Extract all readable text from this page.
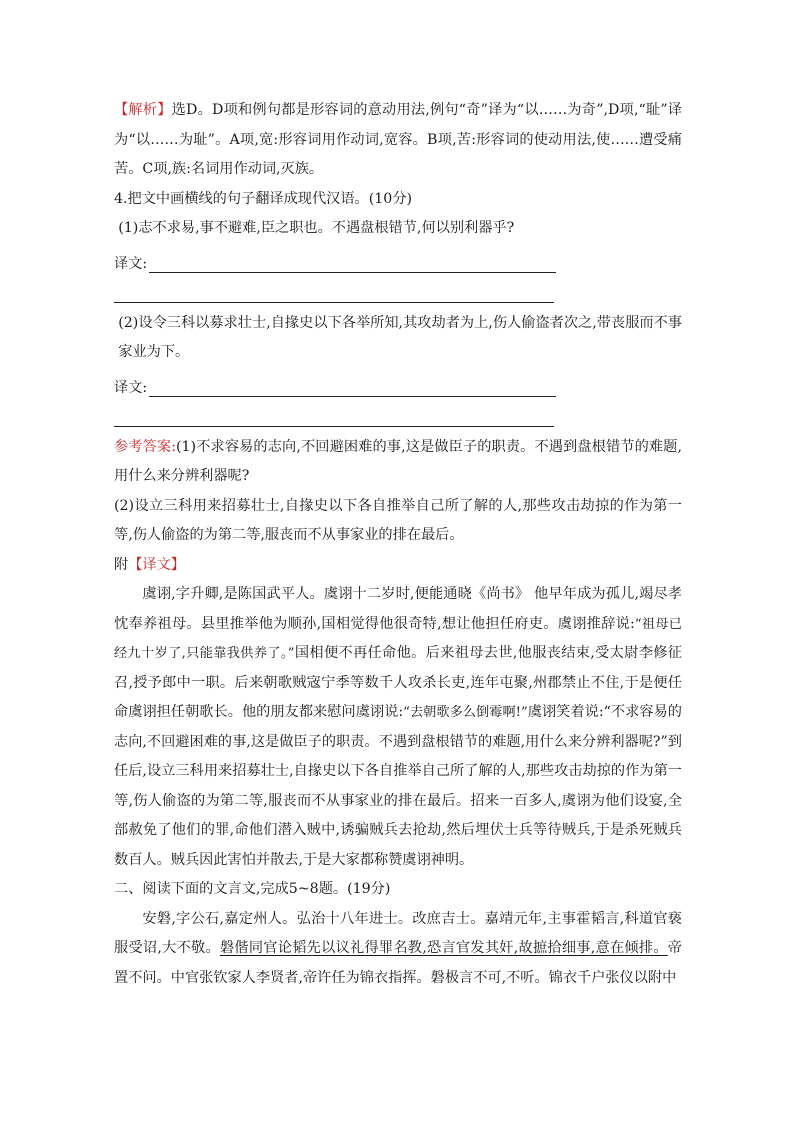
【解析】选D。D项和例句都是形容词的意动用法,例句“奇”译为“以……为奇”,D项,“耻”译为“以……为耻”。A项,宽:形容词用作动词,宽容。B项,苦:形容词的使动用法,使……遭受痛苦。C项,族:名词用作动词,灭族。

4.把文中画横线的句子翻译成现代汉语。(10分)

(1)志不求易,事不避难,臣之职也。不遇盘根错节,何以别利器乎?

译文:

(2)设令三科以募求壮士,自掾史以下各举所知,其攻劫者为上,伤人偷盗者次之,带丧服而不事家业为下。

译文:

参考答案:(1)不求容易的志向,不回避困难的事,这是做臣子的职责。不遇到盘根错节的难题,用什么来分辨利器呢?

(2)设立三科用来招募壮士,自掾史以下各自推举自己所了解的人,那些攻击劫掠的作为第一等,伤人偷盗的为第二等,服丧而不从事家业的排在最后。

附【译文】

虞诩,字升卿,是陈国武平人。虞诩十二岁时,便能通晓《尚书》 他早年成为孤儿,竭尽孝忱奉养祖母。县里推举他为顺孙,国相觉得他很奇特,想让他担任府吏。虞诩推辞说:“祖母已经九十岁了,只能靠我供养了。”国相便不再任命他。后来祖母去世,他服丧结束,受太尉李修征召,授予郎中一职。后来朝歌贼宼宁季等数千人攻杀长吏,连年屯聚,州郡禁止不住,于是便任命虞诩担任朝歌长。他的朋友都来慰问虞诩说:“去朝歌多么倒霉啊!”虞诩笑着说:“不求容易的志向,不回避困难的事,这是做臣子的职责。不遇到盘根错节的难题,用什么来分辨利器呢?”到任后,设立三科用来招募壮士,自掾史以下各自推举自己所了解的人,那些攻击劫掠的作为第一等,伤人偷盗的为第二等,服丧而不从事家业的排在最后。招来一百多人,虞诩为他们设宴,全部赦免了他们的罪,命他们潜入贼中,诱骗贼兵去抢劫,然后埋伏士兵等待贼兵,于是杀死贼兵数百人。贼兵因此害怕并散去,于是大家都称赞虞诩神明。

二、阅读下面的文言文,完成5~8题。(19分)

安磐,字公石,嘉定州人。弘治十八年进士。改庶吉士。嘉靖元年,主事霍韬言,科道官亵服受诏,大不敬。磐偕同官论韬先以议礼得罪名教,恐言官发其奸,故摭拾细事,意在倾排。帝置不问。中官张钦家人李贤者,帝许任为锦衣指挥。磐极言不可,不听。锦衣千户张仪以附中
